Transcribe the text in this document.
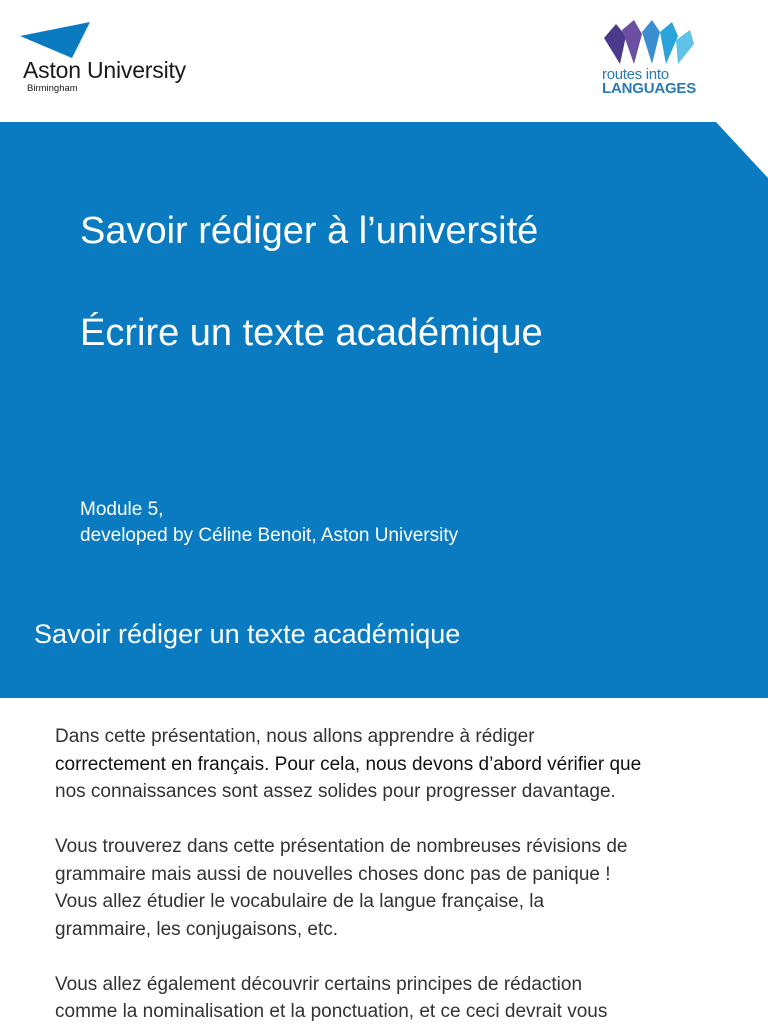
Aston University
Birmingham
routes into
LANGUAGES
Savoir rédiger à l’université
Écrire un texte académique
Module 5,
developed by Céline Benoit, Aston University
Savoir rédiger un texte académique

Dans cette présentation, nous allons apprendre à rédiger
correctement en français. Pour cela, nous devons d’abord vérifier que
nos connaissances sont assez solides pour progresser davantage.

Vous trouverez dans cette présentation de nombreuses révisions de
grammaire mais aussi de nouvelles choses donc pas de panique !
Vous allez étudier le vocabulaire de la langue française, la
grammaire, les conjugaisons, etc.

Vous allez également découvrir certains principes de rédaction
comme la nominalisation et la ponctuation, et ce ceci devrait vous
